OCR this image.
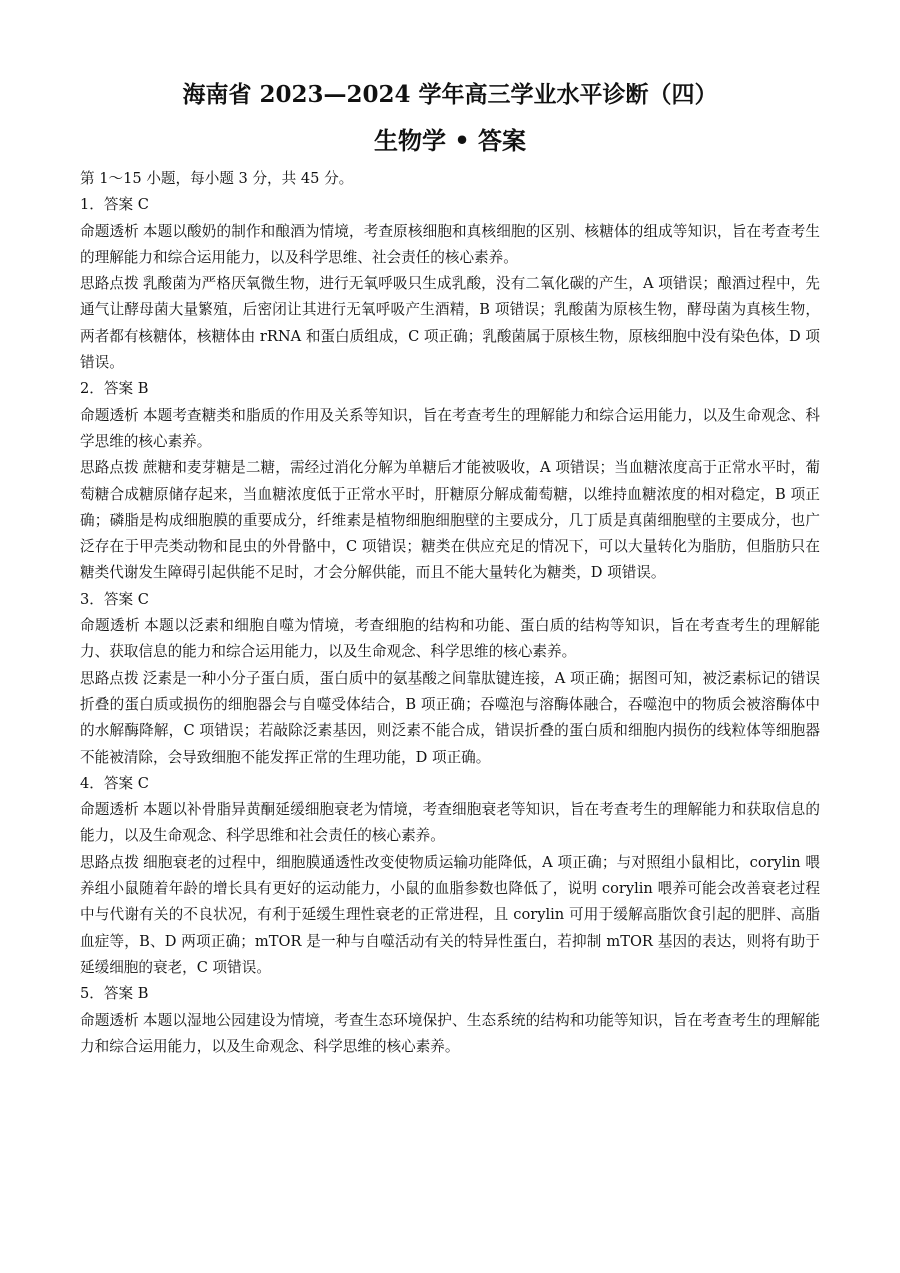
海南省 2023—2024 学年高三学业水平诊断（四）
生物学 • 答案

第 1～15 小题，每小题 3 分，共 45 分。

1．答案 C

命题透析 本题以酸奶的制作和酿酒为情境，考查原核细胞和真核细胞的区别、核糖体的组成等知识，旨在考查考生的理解能力和综合运用能力，以及科学思维、社会责任的核心素养。

思路点拨 乳酸菌为严格厌氧微生物，进行无氧呼吸只生成乳酸，没有二氧化碳的产生，A 项错误；酿酒过程中，先通气让酵母菌大量繁殖，后密闭让其进行无氧呼吸产生酒精，B 项错误；乳酸菌为原核生物，酵母菌为真核生物，两者都有核糖体，核糖体由 rRNA 和蛋白质组成，C 项正确；乳酸菌属于原核生物，原核细胞中没有染色体，D 项错误。

2．答案 B

命题透析 本题考查糖类和脂质的作用及关系等知识，旨在考查考生的理解能力和综合运用能力，以及生命观念、科学思维的核心素养。

思路点拨 蔗糖和麦芽糖是二糖，需经过消化分解为单糖后才能被吸收，A 项错误；当血糖浓度高于正常水平时，葡萄糖合成糖原储存起来，当血糖浓度低于正常水平时，肝糖原分解成葡萄糖，以维持血糖浓度的相对稳定，B 项正确；磷脂是构成细胞膜的重要成分，纤维素是植物细胞细胞壁的主要成分，几丁质是真菌细胞壁的主要成分，也广泛存在于甲壳类动物和昆虫的外骨骼中，C 项错误；糖类在供应充足的情况下，可以大量转化为脂肪，但脂肪只在糖类代谢发生障碍引起供能不足时，才会分解供能，而且不能大量转化为糖类，D 项错误。

3．答案 C

命题透析 本题以泛素和细胞自噬为情境，考查细胞的结构和功能、蛋白质的结构等知识，旨在考查考生的理解能力、获取信息的能力和综合运用能力，以及生命观念、科学思维的核心素养。

思路点拨 泛素是一种小分子蛋白质，蛋白质中的氨基酸之间靠肽键连接，A 项正确；据图可知，被泛素标记的错误折叠的蛋白质或损伤的细胞器会与自噬受体结合，B 项正确；吞噬泡与溶酶体融合，吞噬泡中的物质会被溶酶体中的水解酶降解，C 项错误；若敲除泛素基因，则泛素不能合成，错误折叠的蛋白质和细胞内损伤的线粒体等细胞器不能被清除，会导致细胞不能发挥正常的生理功能，D 项正确。

4．答案 C

命题透析 本题以补骨脂异黄酮延缓细胞衰老为情境，考查细胞衰老等知识，旨在考查考生的理解能力和获取信息的能力，以及生命观念、科学思维和社会责任的核心素养。

思路点拨 细胞衰老的过程中，细胞膜通透性改变使物质运输功能降低，A 项正确；与对照组小鼠相比，corylin 喂养组小鼠随着年龄的增长具有更好的运动能力，小鼠的血脂参数也降低了，说明 corylin 喂养可能会改善衰老过程中与代谢有关的不良状况，有利于延缓生理性衰老的正常进程，且 corylin 可用于缓解高脂饮食引起的肥胖、高脂血症等，B、D 两项正确；mTOR 是一种与自噬活动有关的特异性蛋白，若抑制 mTOR 基因的表达，则将有助于延缓细胞的衰老，C 项错误。

5．答案 B

命题透析 本题以湿地公园建设为情境，考查生态环境保护、生态系统的结构和功能等知识，旨在考查考生的理解能力和综合运用能力，以及生命观念、科学思维的核心素养。
